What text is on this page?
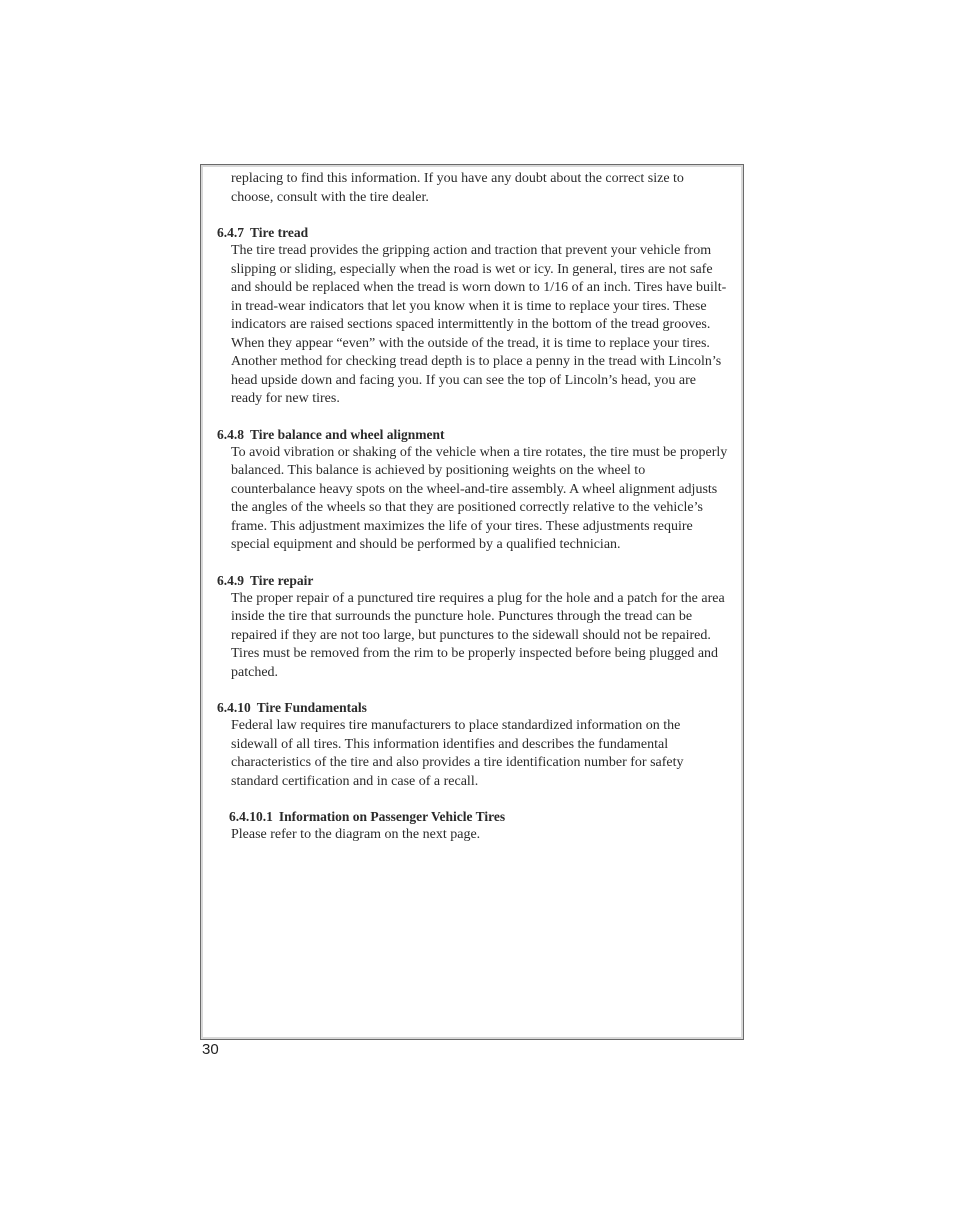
replacing to find this information. If you have any doubt about the correct size to choose, consult with the tire dealer.

6.4.7 Tire tread

The tire tread provides the gripping action and traction that prevent your vehicle from slipping or sliding, especially when the road is wet or icy. In general, tires are not safe and should be replaced when the tread is worn down to 1/16 of an inch. Tires have built-in tread-wear indicators that let you know when it is time to replace your tires. These indicators are raised sections spaced intermittently in the bottom of the tread grooves. When they appear “even” with the outside of the tread, it is time to replace your tires. Another method for checking tread depth is to place a penny in the tread with Lincoln’s head upside down and facing you. If you can see the top of Lincoln’s head, you are ready for new tires.

6.4.8 Tire balance and wheel alignment

To avoid vibration or shaking of the vehicle when a tire rotates, the tire must be properly balanced. This balance is achieved by positioning weights on the wheel to counterbalance heavy spots on the wheel-and-tire assembly. A wheel alignment adjusts the angles of the wheels so that they are positioned correctly relative to the vehicle’s frame. This adjustment maximizes the life of your tires. These adjustments require special equipment and should be performed by a qualified technician.

6.4.9 Tire repair

The proper repair of a punctured tire requires a plug for the hole and a patch for the area inside the tire that surrounds the puncture hole. Punctures through the tread can be repaired if they are not too large, but punctures to the sidewall should not be repaired. Tires must be removed from the rim to be properly inspected before being plugged and patched.

6.4.10 Tire Fundamentals

Federal law requires tire manufacturers to place standardized information on the sidewall of all tires. This information identifies and describes the fundamental characteristics of the tire and also provides a tire identification number for safety standard certification and in case of a recall.

6.4.10.1 Information on Passenger Vehicle Tires

Please refer to the diagram on the next page.

30
